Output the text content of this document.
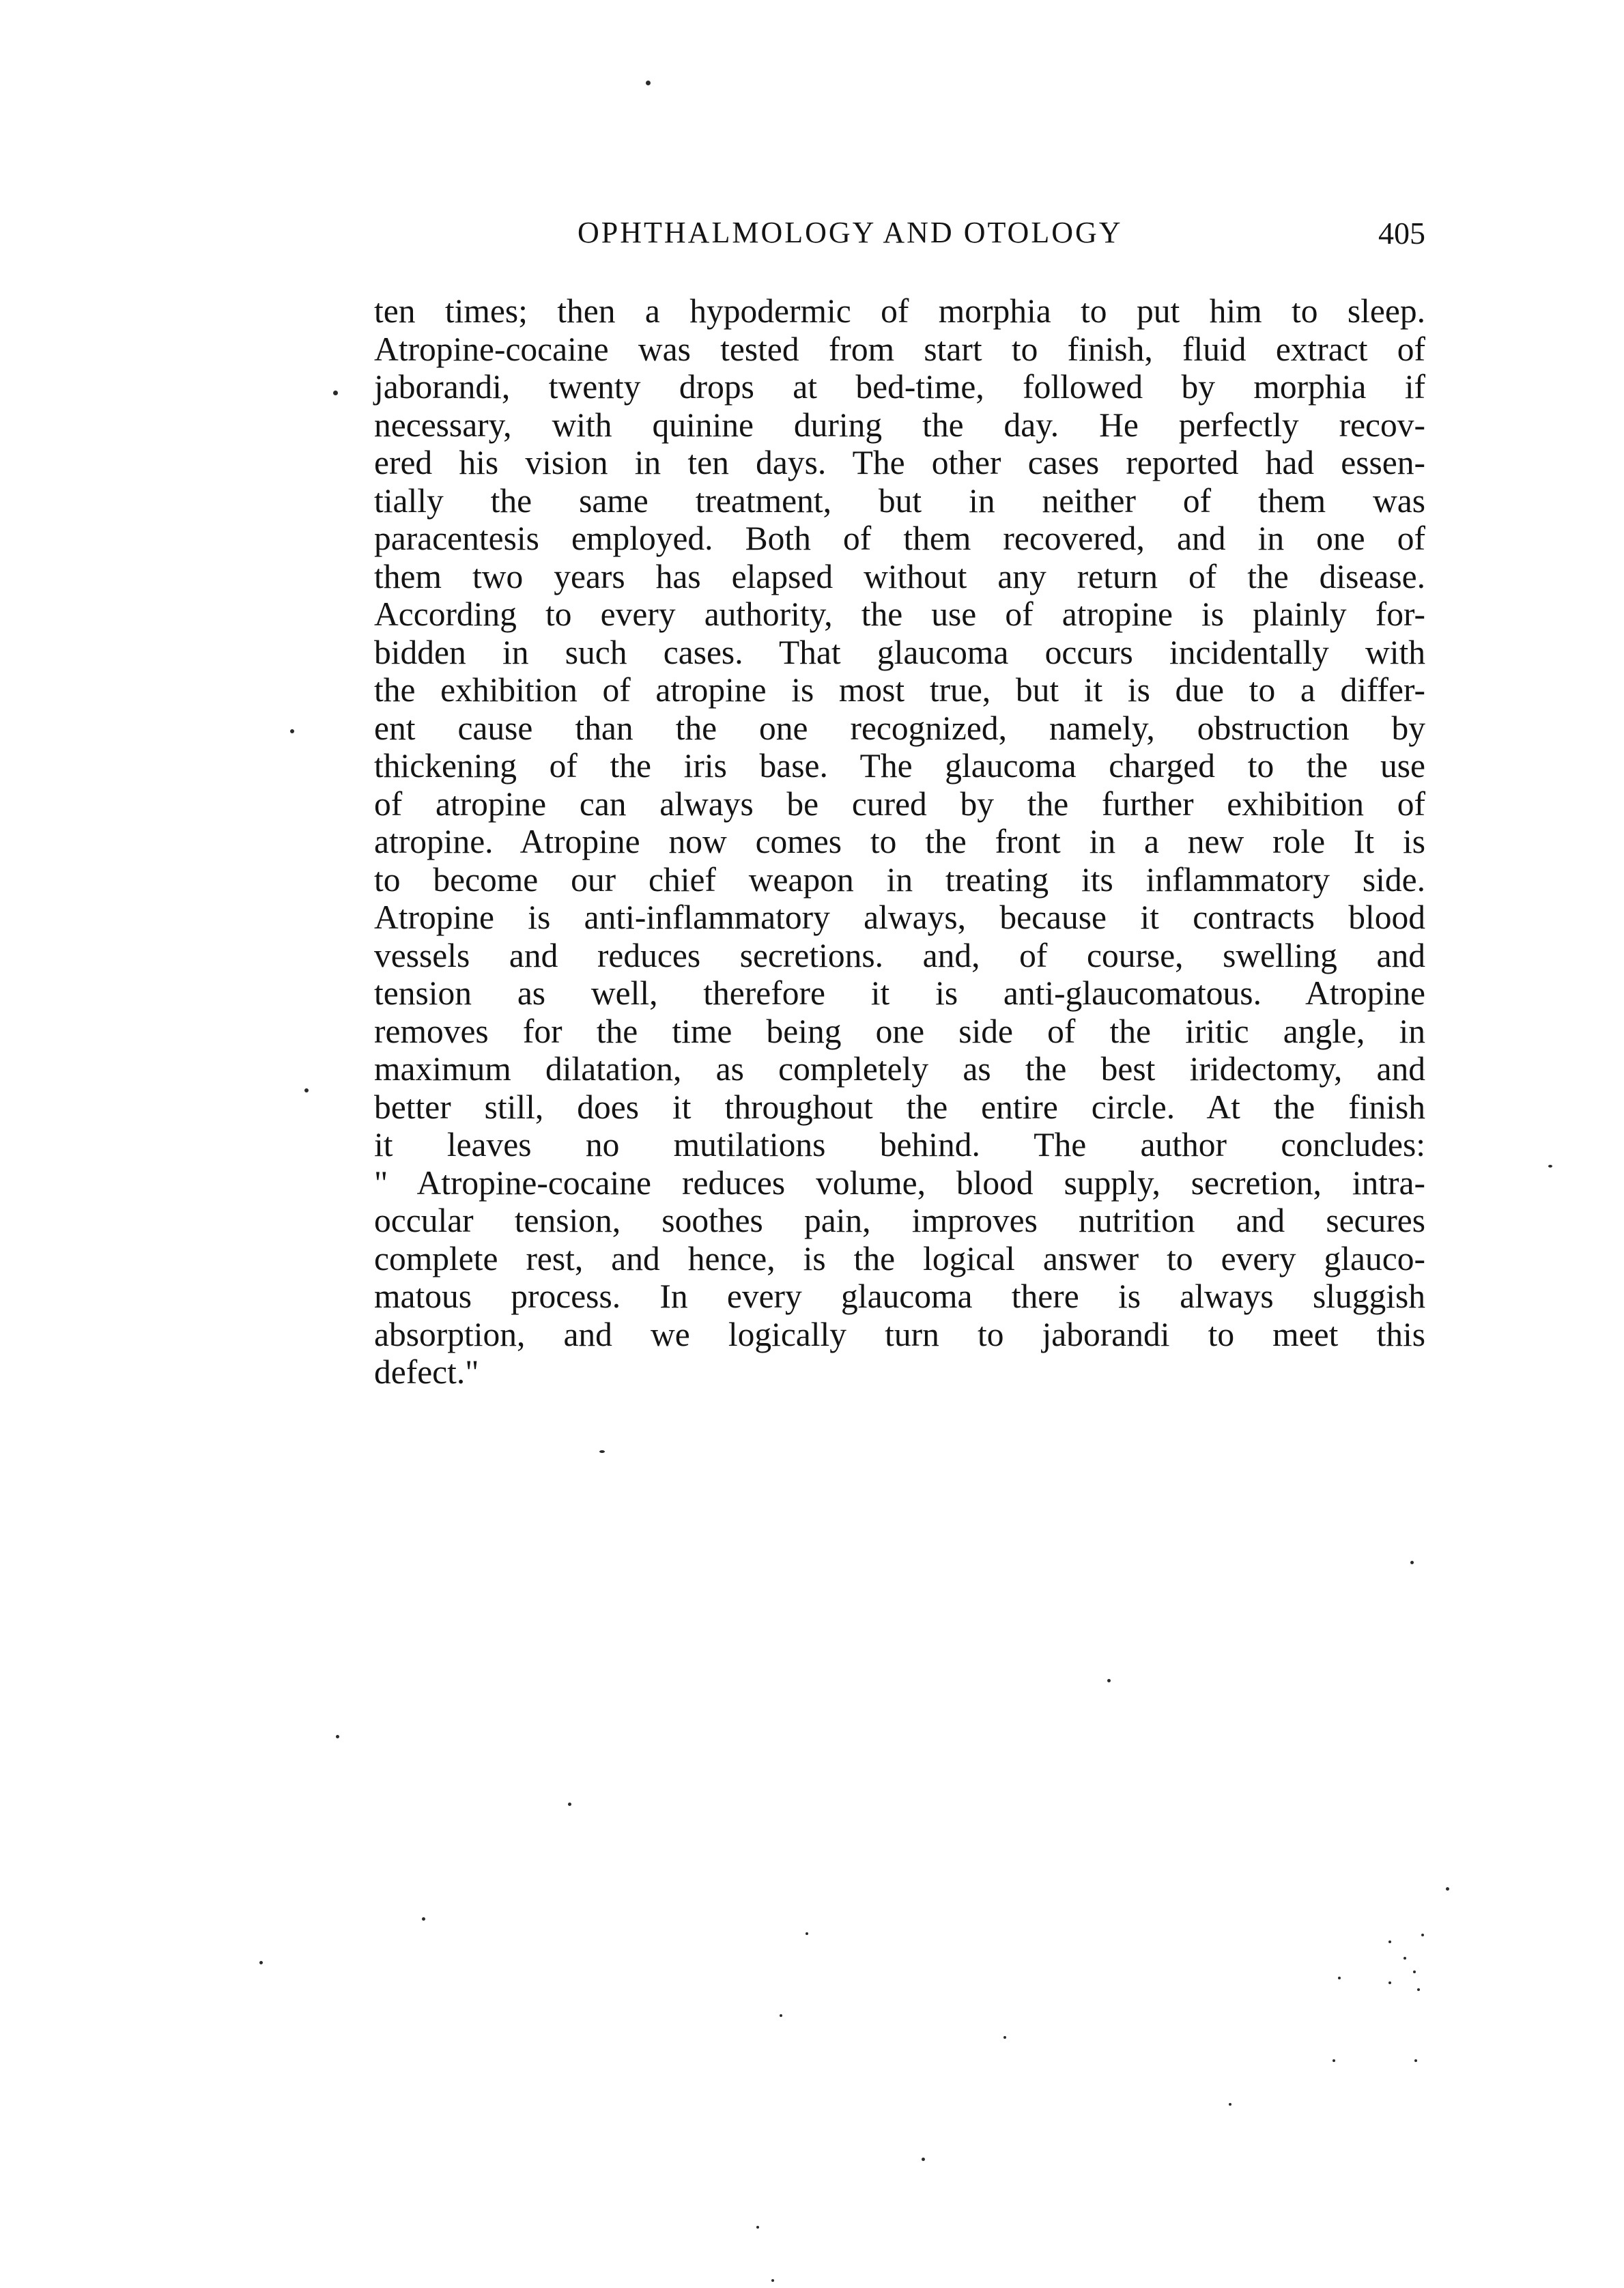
OPHTHALMOLOGY AND OTOLOGY	405
ten times; then a hypodermic of morphia to put him to sleep.
Atropine-cocaine was tested from start to finish, fluid extract of
jaborandi, twenty drops at bed-time, followed by morphia if
necessary, with quinine during the day. He perfectly recov-
ered his vision in ten days. The other cases reported had essen-
tially the same treatment, but in neither of them was
paracentesis employed. Both of them recovered, and in one of
them two years has elapsed without any return of the disease.
According to every authority, the use of atropine is plainly for-
bidden in such cases. That glaucoma occurs incidentally with
the exhibition of atropine is most true, but it is due to a differ-
ent cause than the one recognized, namely, obstruction by
thickening of the iris base. The glaucoma charged to the use
of atropine can always be cured by the further exhibition of
atropine. Atropine now comes to the front in a new role It is
to become our chief weapon in treating its inflammatory side.
Atropine is anti-inflammatory always, because it contracts blood
vessels and reduces secretions. and, of course, swelling and
tension as well, therefore it is anti-glaucomatous. Atropine
removes for the time being one side of the iritic angle, in
maximum dilatation, as completely as the best iridectomy, and
better still, does it throughout the entire circle. At the finish
it leaves no mutilations behind. The author concludes:
" Atropine-cocaine reduces volume, blood supply, secretion, intra-
occular tension, soothes pain, improves nutrition and secures
complete rest, and hence, is the logical answer to every glauco-
matous process. In every glaucoma there is always sluggish
absorption, and we logically turn to jaborandi to meet this
defect."
